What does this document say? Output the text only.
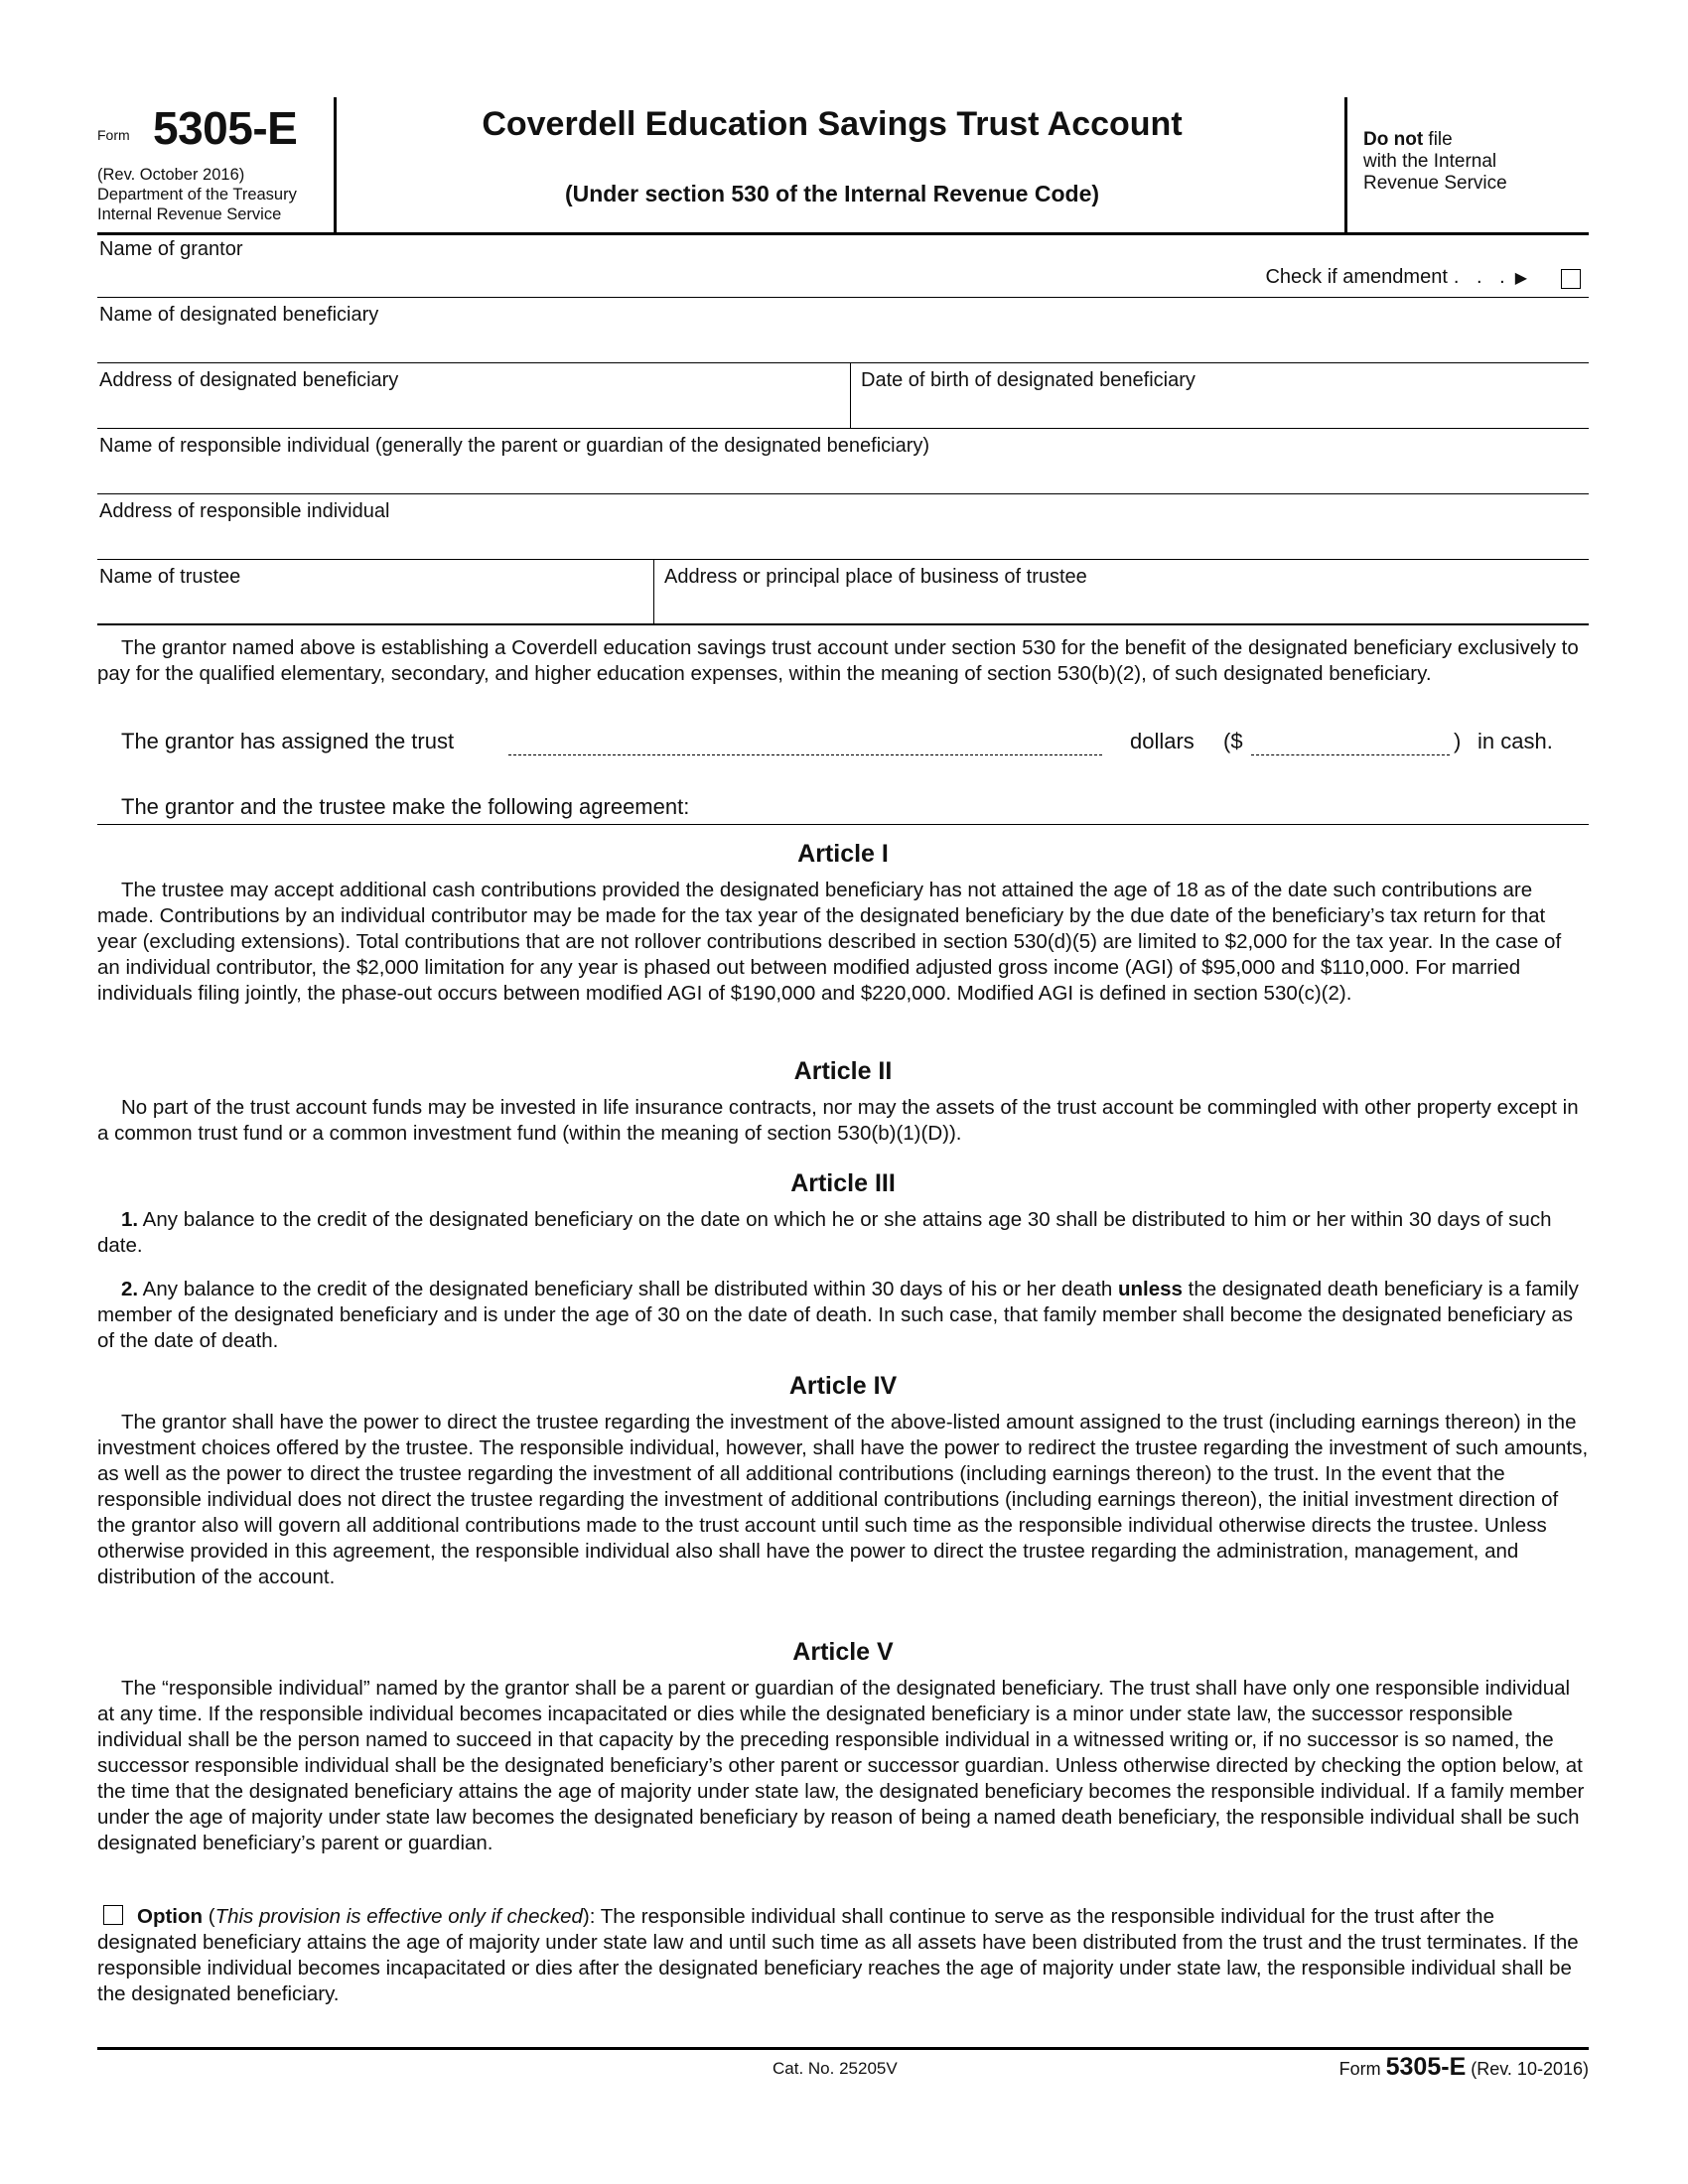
Form 5305-E
(Rev. October 2016)
Department of the Treasury
Internal Revenue Service
Coverdell Education Savings Trust Account
(Under section 530 of the Internal Revenue Code)
Do not file
with the Internal
Revenue Service
Name of grantor
Check if amendment . . . ▶
Name of designated beneficiary
Address of designated beneficiary	Date of birth of designated beneficiary
Name of responsible individual (generally the parent or guardian of the designated beneficiary)
Address of responsible individual
Name of trustee	Address or principal place of business of trustee
The grantor named above is establishing a Coverdell education savings trust account under section 530 for the benefit of the designated beneficiary exclusively to pay for the qualified elementary, secondary, and higher education expenses, within the meaning of section 530(b)(2), of such designated beneficiary.
The grantor has assigned the trust	dollars ($	) in cash.
The grantor and the trustee make the following agreement:
Article I
The trustee may accept additional cash contributions provided the designated beneficiary has not attained the age of 18 as of the date such contributions are made. Contributions by an individual contributor may be made for the tax year of the designated beneficiary by the due date of the beneficiary’s tax return for that year (excluding extensions). Total contributions that are not rollover contributions described in section 530(d)(5) are limited to $2,000 for the tax year. In the case of an individual contributor, the $2,000 limitation for any year is phased out between modified adjusted gross income (AGI) of $95,000 and $110,000. For married individuals filing jointly, the phase-out occurs between modified AGI of $190,000 and $220,000. Modified AGI is defined in section 530(c)(2).
Article II
No part of the trust account funds may be invested in life insurance contracts, nor may the assets of the trust account be commingled with other property except in a common trust fund or a common investment fund (within the meaning of section 530(b)(1)(D)).
Article III
1. Any balance to the credit of the designated beneficiary on the date on which he or she attains age 30 shall be distributed to him or her within 30 days of such date.
2. Any balance to the credit of the designated beneficiary shall be distributed within 30 days of his or her death unless the designated death beneficiary is a family member of the designated beneficiary and is under the age of 30 on the date of death. In such case, that family member shall become the designated beneficiary as of the date of death.
Article IV
The grantor shall have the power to direct the trustee regarding the investment of the above-listed amount assigned to the trust (including earnings thereon) in the investment choices offered by the trustee. The responsible individual, however, shall have the power to redirect the trustee regarding the investment of such amounts, as well as the power to direct the trustee regarding the investment of all additional contributions (including earnings thereon) to the trust. In the event that the responsible individual does not direct the trustee regarding the investment of additional contributions (including earnings thereon), the initial investment direction of the grantor also will govern all additional contributions made to the trust account until such time as the responsible individual otherwise directs the trustee. Unless otherwise provided in this agreement, the responsible individual also shall have the power to direct the trustee regarding the administration, management, and distribution of the account.
Article V
The “responsible individual” named by the grantor shall be a parent or guardian of the designated beneficiary. The trust shall have only one responsible individual at any time. If the responsible individual becomes incapacitated or dies while the designated beneficiary is a minor under state law, the successor responsible individual shall be the person named to succeed in that capacity by the preceding responsible individual in a witnessed writing or, if no successor is so named, the successor responsible individual shall be the designated beneficiary’s other parent or successor guardian. Unless otherwise directed by checking the option below, at the time that the designated beneficiary attains the age of majority under state law, the designated beneficiary becomes the responsible individual. If a family member under the age of majority under state law becomes the designated beneficiary by reason of being a named death beneficiary, the responsible individual shall be such designated beneficiary’s parent or guardian.
Option (This provision is effective only if checked): The responsible individual shall continue to serve as the responsible individual for the trust after the designated beneficiary attains the age of majority under state law and until such time as all assets have been distributed from the trust and the trust terminates. If the responsible individual becomes incapacitated or dies after the designated beneficiary reaches the age of majority under state law, the responsible individual shall be the designated beneficiary.
Cat. No. 25205V	Form 5305-E (Rev. 10-2016)
